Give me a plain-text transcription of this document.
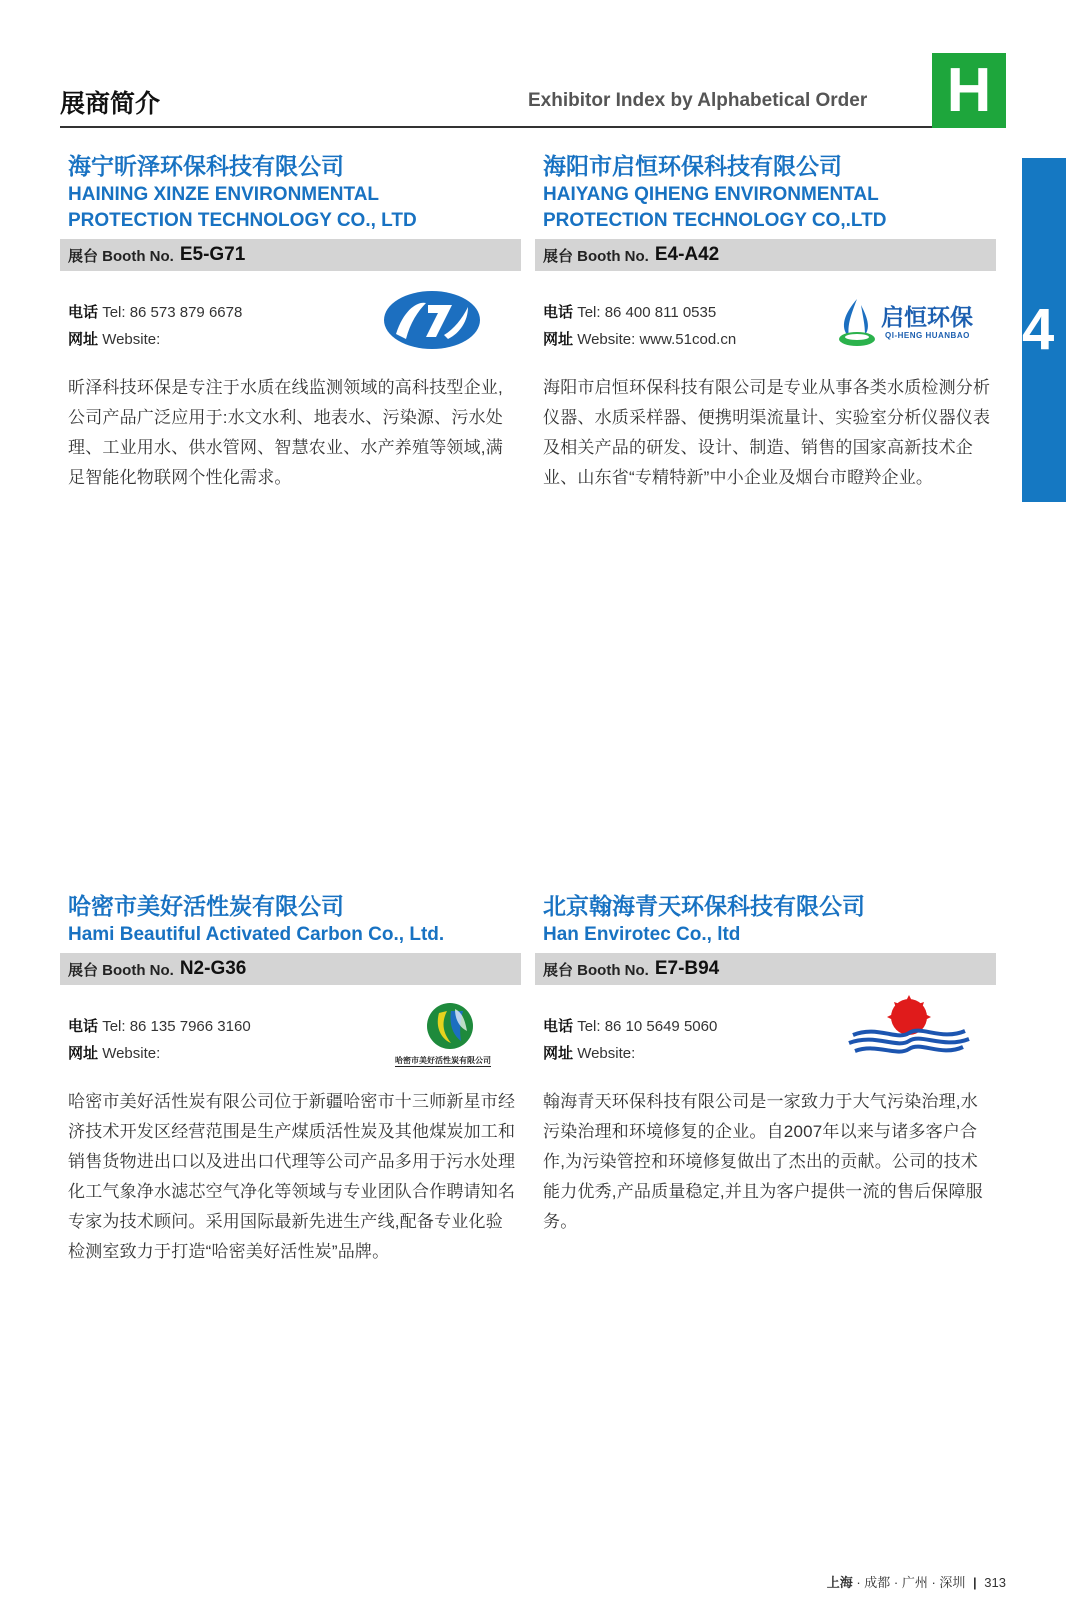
展商简介	Exhibitor Index by Alphabetical Order H
4
海宁昕泽环保科技有限公司
HAINING XINZE ENVIRONMENTAL
PROTECTION TECHNOLOGY CO., LTD
展台 Booth No. E5-G71
电话 Tel: 86 573 879 6678
网址 Website:
昕泽科技环保是专注于水质在线监测领域的高科技型企业,公司产品广泛应用于:水文水利、地表水、污染源、污水处理、工业用水、供水管网、智慧农业、水产养殖等领域,满足智能化物联网个性化需求。
海阳市启恒环保科技有限公司
HAIYANG QIHENG ENVIRONMENTAL
PROTECTION TECHNOLOGY CO,.LTD
展台 Booth No. E4-A42
电话 Tel: 86 400 811 0535
网址 Website: www.51cod.cn
启恒环保
QI-HENG HUANBAO
海阳市启恒环保科技有限公司是专业从事各类水质检测分析仪器、水质采样器、便携明渠流量计、实验室分析仪器仪表及相关产品的研发、设计、制造、销售的国家高新技术企业、山东省“专精特新”中小企业及烟台市瞪羚企业。
哈密市美好活性炭有限公司
Hami Beautiful Activated Carbon Co., Ltd.
展台 Booth No. N2-G36
电话 Tel: 86 135 7966 3160
网址 Website:	哈密市美好活性炭有限公司
哈密市美好活性炭有限公司位于新疆哈密市十三师新星市经济技术开发区经营范围是生产煤质活性炭及其他煤炭加工和销售货物进出口以及进出口代理等公司产品多用于污水处理化工气象净水滤芯空气净化等领域与专业团队合作聘请知名专家为技术顾问。采用国际最新先进生产线,配备专业化验检测室致力于打造“哈密美好活性炭”品牌。
北京翰海青天环保科技有限公司
Han Envirotec Co., ltd
展台 Booth No. E7-B94
电话 Tel: 86 10 5649 5060
网址 Website:
翰海青天环保科技有限公司是一家致力于大气污染治理,水污染治理和环境修复的企业。自2007年以来与诸多客户合作,为污染管控和环境修复做出了杰出的贡献。公司的技术能力优秀,产品质量稳定,并且为客户提供一流的售后保障服务。
上海 · 成都 · 广州 · 深圳 | 313
